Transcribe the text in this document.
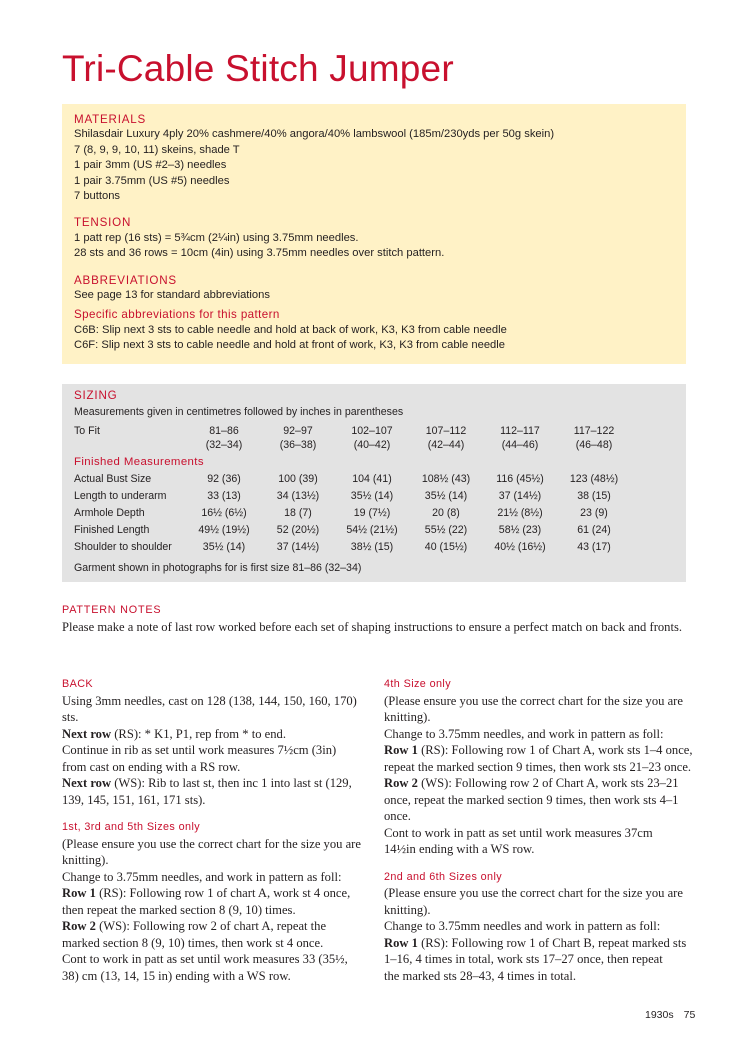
Tri-Cable Stitch Jumper
MATERIALS
Shilasdair Luxury 4ply 20% cashmere/40% angora/40% lambswool (185m/230yds per 50g skein)
7 (8, 9, 9, 10, 11) skeins, shade T
1 pair 3mm (US #2–3) needles
1 pair 3.75mm (US #5) needles
7 buttons
TENSION
1 patt rep (16 sts) = 5¾cm (2¼in) using 3.75mm needles.
28 sts and 36 rows = 10cm (4in) using 3.75mm needles over stitch pattern.
ABBREVIATIONS
See page 13 for standard abbreviations
Specific abbreviations for this pattern
C6B: Slip next 3 sts to cable needle and hold at back of work, K3, K3 from cable needle
C6F: Slip next 3 sts to cable needle and hold at front of work, K3, K3 from cable needle
SIZING
Measurements given in centimetres followed by inches in parentheses
To Fit	81–86	92–97	102–107	107–112	112–117	117–122
	(32–34)	(36–38)	(40–42)	(42–44)	(44–46)	(46–48)
Finished Measurements						
Actual Bust Size	92 (36)	100 (39)	104 (41)	108½ (43)	116 (45½)	123 (48½)
Length to underarm	33 (13)	34 (13½)	35½ (14)	35½ (14)	37 (14½)	38 (15)
Armhole Depth	16½ (6½)	18 (7)	19 (7½)	20 (8)	21½ (8½)	23 (9)
Finished Length	49½ (19½)	52 (20½)	54½ (21½)	55½ (22)	58½ (23)	61 (24)
Shoulder to shoulder	35½ (14)	37 (14½)	38½ (15)	40 (15½)	40½ (16½)	43 (17)
Garment shown in photographs for is first size 81–86 (32–34)
PATTERN NOTES
Please make a note of last row worked before each set of shaping instructions to ensure a perfect match on back and fronts.
BACK
Using 3mm needles, cast on 128 (138, 144, 150, 160, 170) sts.
Next row (RS): * K1, P1, rep from * to end.
Continue in rib as set until work measures 7½cm (3in)
from cast on ending with a RS row.
Next row (WS): Rib to last st, then inc 1 into last st (129,
139, 145, 151, 161, 171 sts).
1st, 3rd and 5th Sizes only
(Please ensure you use the correct chart for the size you are
knitting).
Change to 3.75mm needles, and work in pattern as foll:
Row 1 (RS): Following row 1 of chart A, work st 4 once,
then repeat the marked section 8 (9, 10) times.
Row 2 (WS): Following row 2 of chart A, repeat the
marked section 8 (9, 10) times, then work st 4 once.
Cont to work in patt as set until work measures 33 (35½,
38) cm (13, 14, 15 in) ending with a WS row.
4th Size only
(Please ensure you use the correct chart for the size you are
knitting).
Change to 3.75mm needles, and work in pattern as foll:
Row 1 (RS): Following row 1 of Chart A, work sts 1–4 once,
repeat the marked section 9 times, then work sts 21–23 once.
Row 2 (WS): Following row 2 of Chart A, work sts 23–21
once, repeat the marked section 9 times, then work sts 4–1
once.
Cont to work in patt as set until work measures 37cm
14½in ending with a WS row.
2nd and 6th Sizes only
(Please ensure you use the correct chart for the size you are
knitting).
Change to 3.75mm needles and work in pattern as foll:
Row 1 (RS): Following row 1 of Chart B, repeat marked sts
1–16, 4 times in total, work sts 17–27 once, then repeat
the marked sts 28–43, 4 times in total.
1930s 75
